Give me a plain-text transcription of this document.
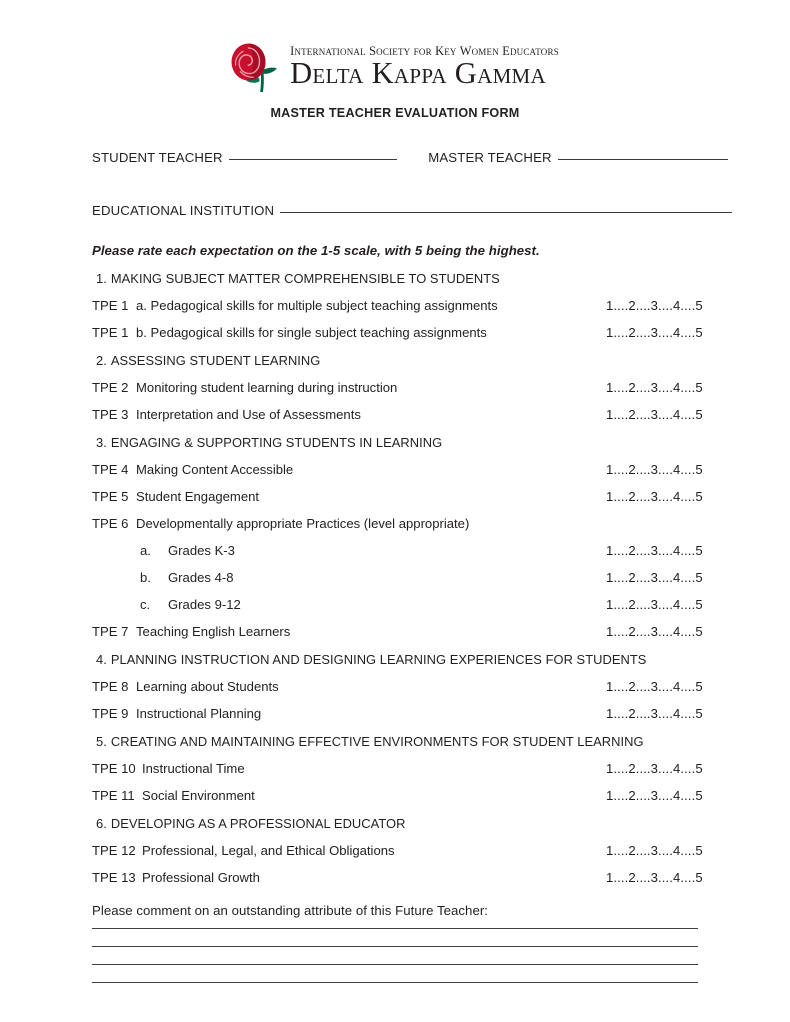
International Society for Key Women Educators
Delta Kappa Gamma
MASTER TEACHER EVALUATION FORM
STUDENT TEACHER	MASTER TEACHER
EDUCATIONAL INSTITUTION
Please rate each expectation on the 1-5 scale, with 5 being the highest.
1. MAKING SUBJECT MATTER COMPREHENSIBLE TO STUDENTS
TPE 1 a. Pedagogical skills for multiple subject teaching assignments	1....2....3....4....5
TPE 1 b. Pedagogical skills for single subject teaching assignments	1....2....3....4....5
2. ASSESSING STUDENT LEARNING
TPE 2 Monitoring student learning during instruction	1....2....3....4....5
TPE 3 Interpretation and Use of Assessments	1....2....3....4....5
3. ENGAGING & SUPPORTING STUDENTS IN LEARNING
TPE 4 Making Content Accessible	1....2....3....4....5
TPE 5 Student Engagement	1....2....3....4....5
TPE 6 Developmentally appropriate Practices (level appropriate)
a.	Grades K-3	1....2....3....4....5
b.	Grades 4-8	1....2....3....4....5
c.	Grades 9-12	1....2....3....4....5
TPE 7 Teaching English Learners	1....2....3....4....5
4. PLANNING INSTRUCTION AND DESIGNING LEARNING EXPERIENCES FOR STUDENTS
TPE 8 Learning about Students	1....2....3....4....5
TPE 9 Instructional Planning	1....2....3....4....5
5. CREATING AND MAINTAINING EFFECTIVE ENVIRONMENTS FOR STUDENT LEARNING
TPE 10 Instructional Time	1....2....3....4....5
TPE 11 Social Environment	1....2....3....4....5
6. DEVELOPING AS A PROFESSIONAL EDUCATOR
TPE 12 Professional, Legal, and Ethical Obligations	1....2....3....4....5
TPE 13 Professional Growth	1....2....3....4....5
Please comment on an outstanding attribute of this Future Teacher:
